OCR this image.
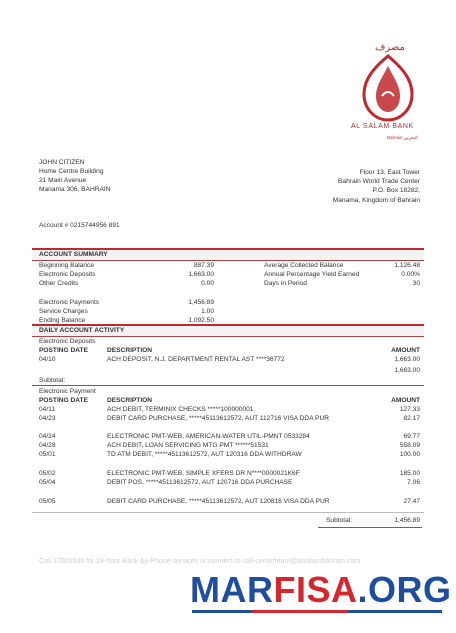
مصرف
AL SALAM BANK
Bahrain البحرين
JOHN CITIZEN
Home Centre Building
21 Main Avenue
Manama 306, BAHRAIN
Floor 13, East Tower
Bahrain World Trade Center
P.O. Box 18282,
Manama, Kingdom of Bahrain
Account # 0215744956 891
ACCOUNT SUMMARY
Beginning Balance	887.39
Electronic Deposits	1,663.00
Other Credits	0.00
Electronic Payments	1,456.89
Service Charges	1.00
Ending Balance	1,092.50
Average Collected Balance	1,126.48
Annual Percentage Yield Earned	0.00%
Days in Period	30
DAILY ACCOUNT ACTIVITY
Electronic Deposits
POSTING DATE	DESCRIPTION	AMOUNT
04/10	ACH DEPOSIT, N.J. DEPARTMENT RENTAL AST ****36772	1,663.00
1,663.00
Subtotal:
Electronic Payment
POSTING DATE	DESCRIPTION	AMOUNT
04/11	ACH DEBIT, TERMINIX CHECKS *****100000001	127.33
04/23	DEBIT CARD PURCHASE, *****45113612572, AUT 112716 VISA DDA PUR	82.17
04/24	ELECTRONIC PMT-WEB, AMERICAN-WATER UTIL-PMNT 0533284	69.77
04/28	ACH DEBIT, LOAN SERVICING MTG PMT ******51531	558.09
05/01	TD ATM DEBIT, *****45113612572, AUT 120316 DDA WITHDRAW	100.00
05/02	ELECTRONIC PMT-WEB, SIMPLE XFERS DR N****0000021K6F	185.00
05/04	DEBIT POS, *****45113612572, AUT 120716 DDA PURCHASE	7.06
05/05	DEBIT CARD PURCHASE, *****45113612572, AUT 120816 VISA DDA PUR	27.47
Subtotal:	1,456.89
Call 17005500 for 24-hour Bank-by-Phone services or connect to call-centerteam@alsalambahrain.com
MARFISA.ORG
